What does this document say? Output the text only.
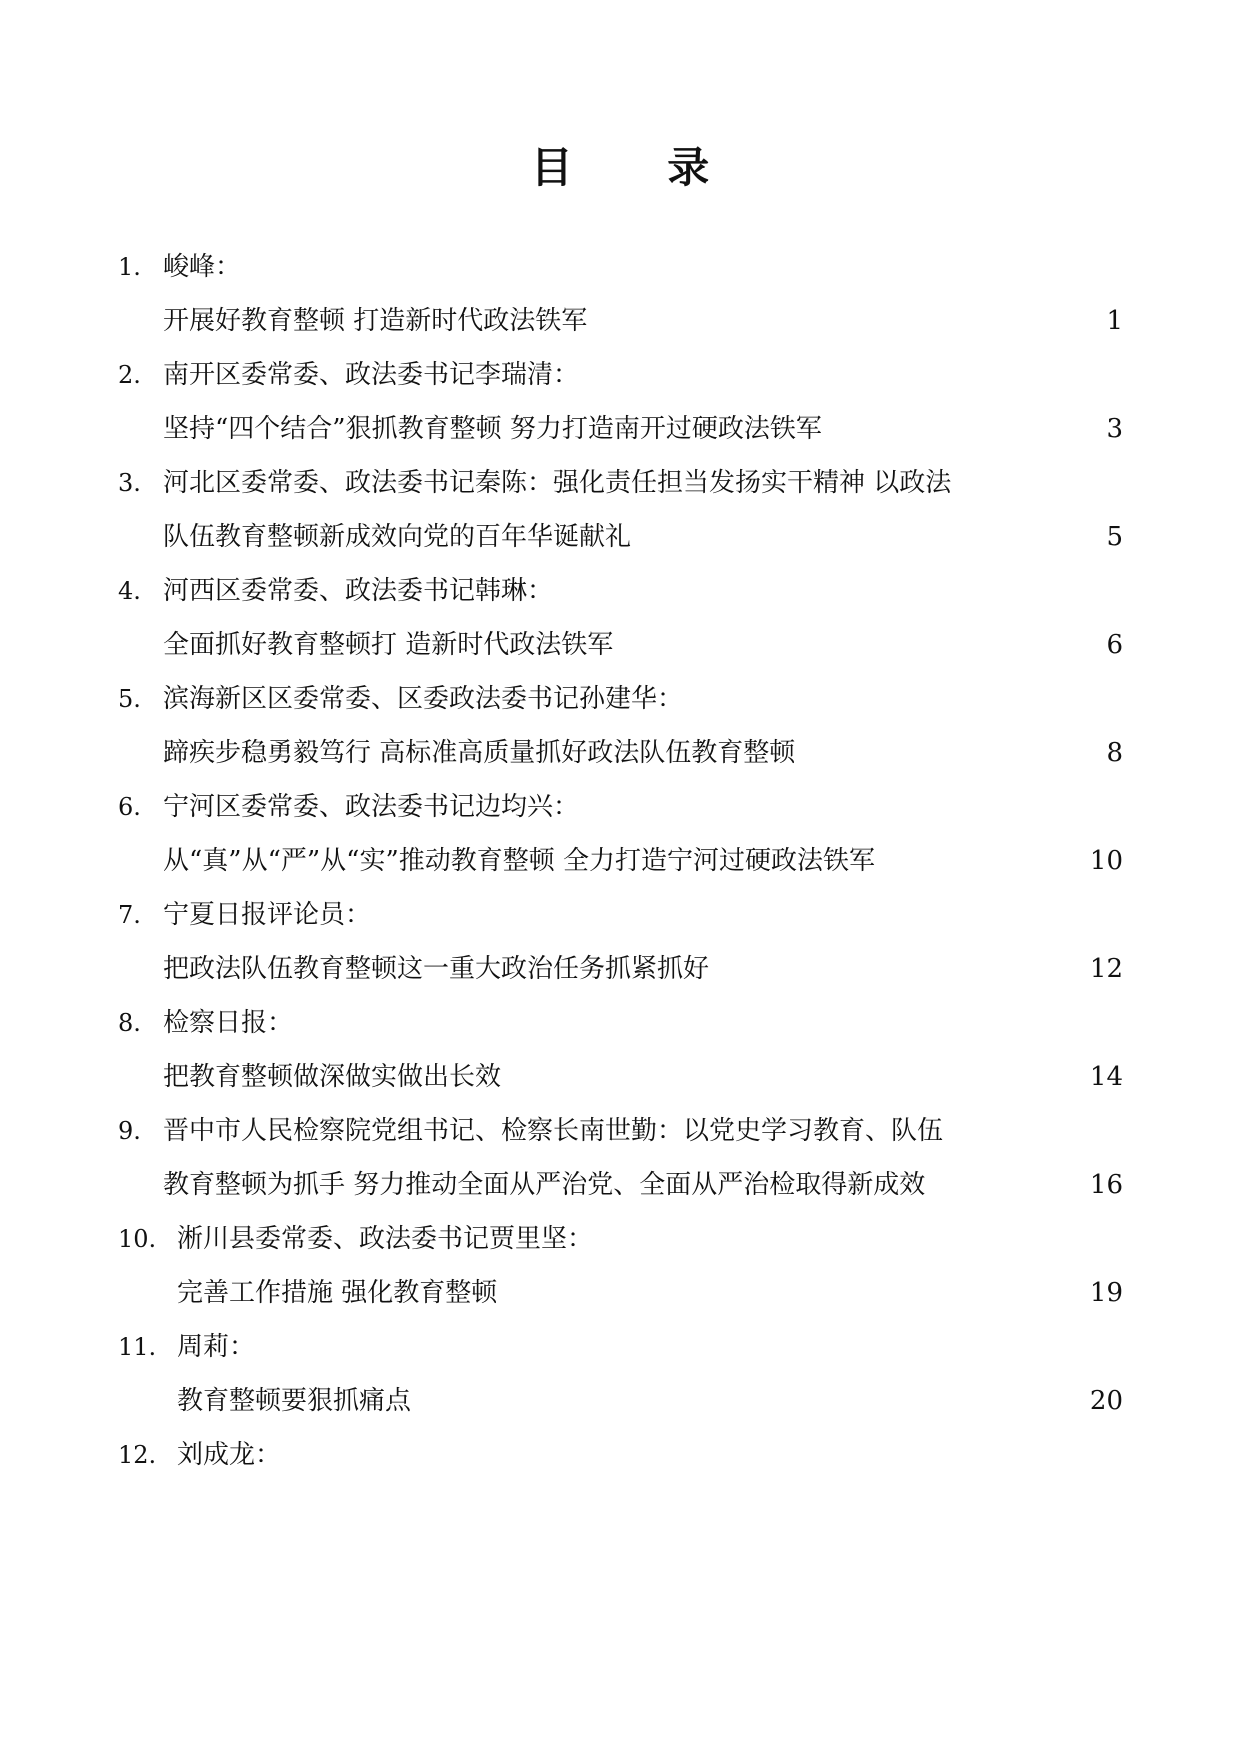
目 录
1. 峻峰：
开展好教育整顿 打造新时代政法铁军	1
2. 南开区委常委、政法委书记李瑞清：
坚持“四个结合”狠抓教育整顿 努力打造南开过硬政法铁军	3
3. 河北区委常委、政法委书记秦陈：强化责任担当发扬实干精神 以政法
队伍教育整顿新成效向党的百年华诞献礼	5
4. 河西区委常委、政法委书记韩琳：
全面抓好教育整顿打 造新时代政法铁军	6
5. 滨海新区区委常委、区委政法委书记孙建华：
蹄疾步稳勇毅笃行 高标准高质量抓好政法队伍教育整顿	8
6. 宁河区委常委、政法委书记边均兴：
从“真”从“严”从“实”推动教育整顿 全力打造宁河过硬政法铁军	10
7. 宁夏日报评论员：
把政法队伍教育整顿这一重大政治任务抓紧抓好	12
8. 检察日报：
把教育整顿做深做实做出长效	14
9. 晋中市人民检察院党组书记、检察长南世勤：以党史学习教育、队伍
教育整顿为抓手 努力推动全面从严治党、全面从严治检取得新成效	16
10. 淅川县委常委、政法委书记贾里坚：
完善工作措施 强化教育整顿	19
11. 周莉：
教育整顿要狠抓痛点	20
12. 刘成龙：
